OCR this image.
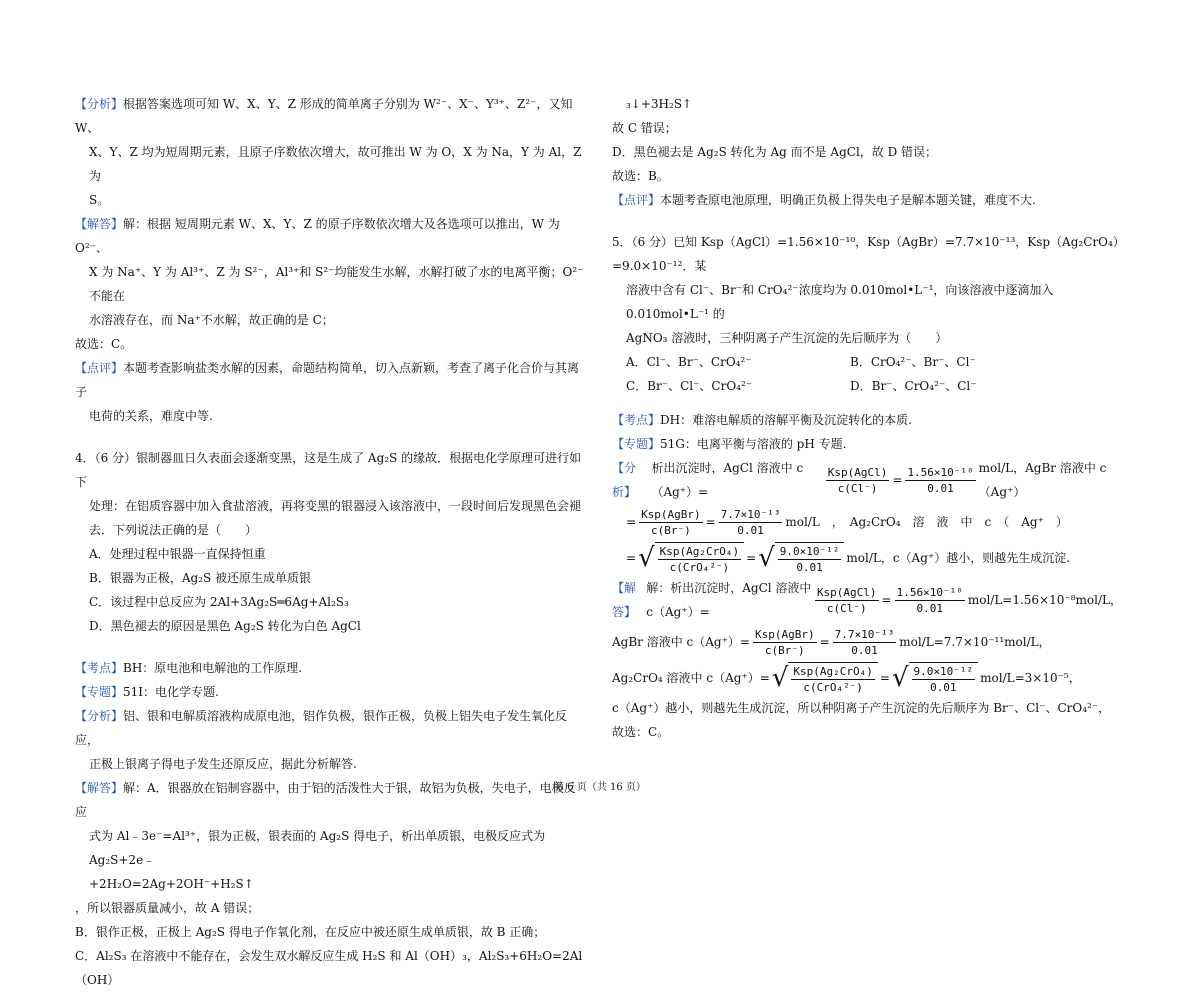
【分析】根据答案选项可知 W、X、Y、Z 形成的简单离子分别为 W²⁻、X⁻、Y³⁺、Z²⁻，又知 W、

X、Y、Z 均为短周期元素，且原子序数依次增大，故可推出 W 为 O，X 为 Na，Y 为 Al，Z 为

S。

【解答】解：根据 短周期元素 W、X、Y、Z 的原子序数依次增大及各选项可以推出，W 为 O²⁻、

X 为 Na⁺、Y 为 Al³⁺、Z 为 S²⁻，Al³⁺和 S²⁻均能发生水解，水解打破了水的电离平衡；O²⁻不能在

水溶液存在，而 Na⁺不水解，故正确的是 C；

故选：C。

【点评】本题考查影响盐类水解的因素，命题结构简单，切入点新颖，考查了离子化合价与其离子

电荷的关系，难度中等.

4．（6 分）银制器皿日久表面会逐渐变黑，这是生成了 Ag₂S 的缘故．根据电化学原理可进行如下

处理：在铝质容器中加入食盐溶液，再将变黑的银器浸入该溶液中，一段时间后发现黑色会褪

去．下列说法正确的是（　　）

A．处理过程中银器一直保持恒重

B．银器为正极，Ag₂S 被还原生成单质银

C．该过程中总反应为 2Al+3Ag₂S═6Ag+Al₂S₃

D．黑色褪去的原因是黑色 Ag₂S 转化为白色 AgCl

【考点】BH：原电池和电解池的工作原理.

【专题】51I：电化学专题.

【分析】铝、银和电解质溶液构成原电池，铝作负极，银作正极，负极上铝失电子发生氧化反应，

正极上银离子得电子发生还原反应，据此分析解答.

【解答】解：A．银器放在铝制容器中，由于铝的活泼性大于银，故铝为负极，失电子，电极反应

式为 Al﹣3e⁻=Al³⁺，银为正极，银表面的 Ag₂S 得电子，析出单质银，电极反应式为 Ag₂S+2e﹣

+2H₂O=2Ag+2OH⁻+H₂S↑

，所以银器质量减小，故 A 错误；

B．银作正极，正极上 Ag₂S 得电子作氧化剂，在反应中被还原生成单质银，故 B 正确；

C．Al₂S₃ 在溶液中不能存在，会发生双水解反应生成 H₂S 和 Al（OH）₃，Al₂S₃+6H₂O=2Al（OH）

₃↓+3H₂S↑

故 C 错误；

D．黑色褪去是 Ag₂S 转化为 Ag 而不是 AgCl，故 D 错误；

故选：B。

【点评】本题考查原电池原理，明确正负极上得失电子是解本题关键，难度不大.

5．（6 分）已知 Ksp（AgCl）=1.56×10⁻¹⁰，Ksp（AgBr）=7.7×10⁻¹³，Ksp（Ag₂CrO₄）=9.0×10⁻¹²．某

溶液中含有 Cl⁻、Br⁻和 CrO₄²⁻浓度均为 0.010mol•L⁻¹，向该溶液中逐滴加入 0.010mol•L⁻¹ 的

AgNO₃ 溶液时，三种阴离子产生沉淀的先后顺序为（　　）

A．Cl⁻、Br⁻、CrO₄²⁻	B．CrO₄²⁻、Br⁻、Cl⁻
C．Br⁻、Cl⁻、CrO₄²⁻	D．Br⁻、CrO₄²⁻、Cl⁻

【考点】DH：难溶电解质的溶解平衡及沉淀转化的本质.

【专题】51G：电离平衡与溶液的 pH 专题.

【分析】
析出沉淀时，AgCl 溶液中 c（Ag⁺）=	$\frac{\text{Ksp(AgCl)}}{c(Cl^-)} = \frac{\text{1.56×10⁻¹⁰}}{0.01} mol/L$，AgBr 溶液中 c（Ag⁺）
= $\frac{\text{Ksp(AgBr)}}{c(Br^-)} = \frac{\text{7.7×10⁻¹³}}{0.01} mol/L$　，　Ag₂CrO₄　溶　液　中　c　（　Ag⁺　）
= √ $\frac{\text{Ksp(Ag₂CrO₄)}}{\text{c(CrO₄²⁻)}}$ = √ $\frac{\text{9.0×10⁻¹²}}{0.01} mol/L$，c（Ag⁺）越小，则越先生成沉淀.
【解答】
解：析出沉淀时，AgCl 溶液中 c（Ag⁺）=	$\frac{\text{Ksp(AgCl)}}{c(Cl^-)} = \frac{\text{1.56×10⁻¹⁰}}{0.01} mol/L=1.56\times 10^{-8}mol/L$，
AgBr 溶液中 $c(Ag^+)= \frac{\text{Ksp(AgBr)}}{c(Br^-)} = \frac{\text{7.7×10⁻¹³}}{0.01} mol/L=7.7\times 10^{-11}mol/L$，
Ag₂CrO₄ 溶液中 c（Ag⁺）= √ $\frac{\text{Ksp(Ag₂CrO₄)}}{\text{c(CrO₄²⁻)}}$ = √ $\frac{\text{9.0×10⁻¹²}}{0.01} mol/L=3\times 10^{-5}$，

c（Ag⁺）越小，则越先生成沉淀，所以种阴离子产生沉淀的先后顺序为 Br⁻、Cl⁻、CrO₄²⁻，

故选：C。

第 6 页（共 16 页）
